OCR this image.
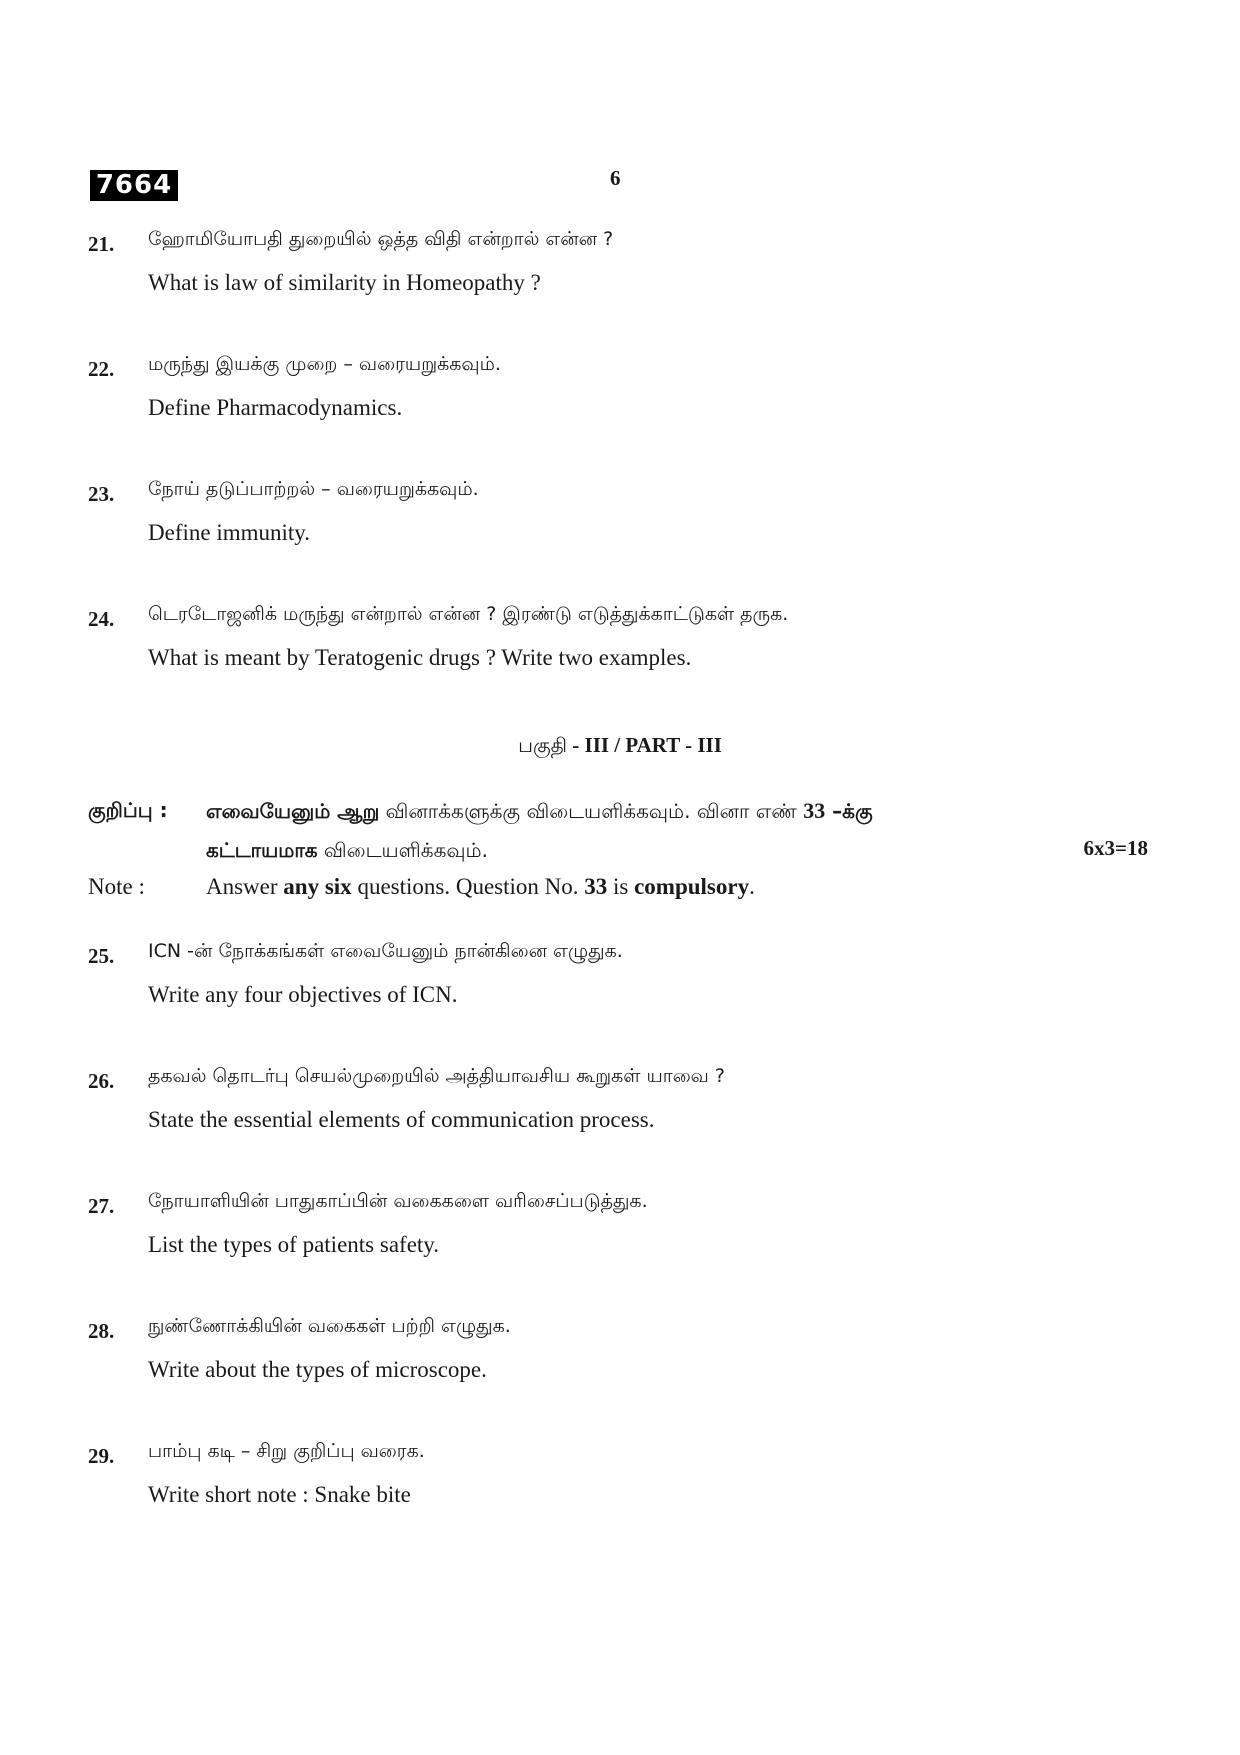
7664	6
21. ஹோமியோபதி துறையில் ஒத்த விதி என்றால் என்ன ?
What is law of similarity in Homeopathy ?
22. மருந்து இயக்கு முறை – வரையறுக்கவும்.
Define Pharmacodynamics.
23. நோய் தடுப்பாற்றல் – வரையறுக்கவும்.
Define immunity.
24. டெரடோஜனிக் மருந்து என்றால் என்ன ? இரண்டு எடுத்துக்காட்டுகள் தருக.
What is meant by Teratogenic drugs ? Write two examples.
பகுதி - III / PART - III
குறிப்பு : எவையேனும் ஆறு வினாக்களுக்கு விடையளிக்கவும். வினா எண் 33 –க்கு
கட்டாயமாக விடையளிக்கவும்.	6x3=18
Note :	Answer any six questions. Question No. 33 is compulsory.
25. ICN -ன் நோக்கங்கள் எவையேனும் நான்கினை எழுதுக.
Write any four objectives of ICN.
26. தகவல் தொடர்பு செயல்முறையில் அத்தியாவசிய கூறுகள் யாவை ?
State the essential elements of communication process.
27. நோயாளியின் பாதுகாப்பின் வகைகளை வரிசைப்படுத்துக.
List the types of patients safety.
28. நுண்ணோக்கியின் வகைகள் பற்றி எழுதுக.
Write about the types of microscope.
29. பாம்பு கடி – சிறு குறிப்பு வரைக.
Write short note : Snake bite
